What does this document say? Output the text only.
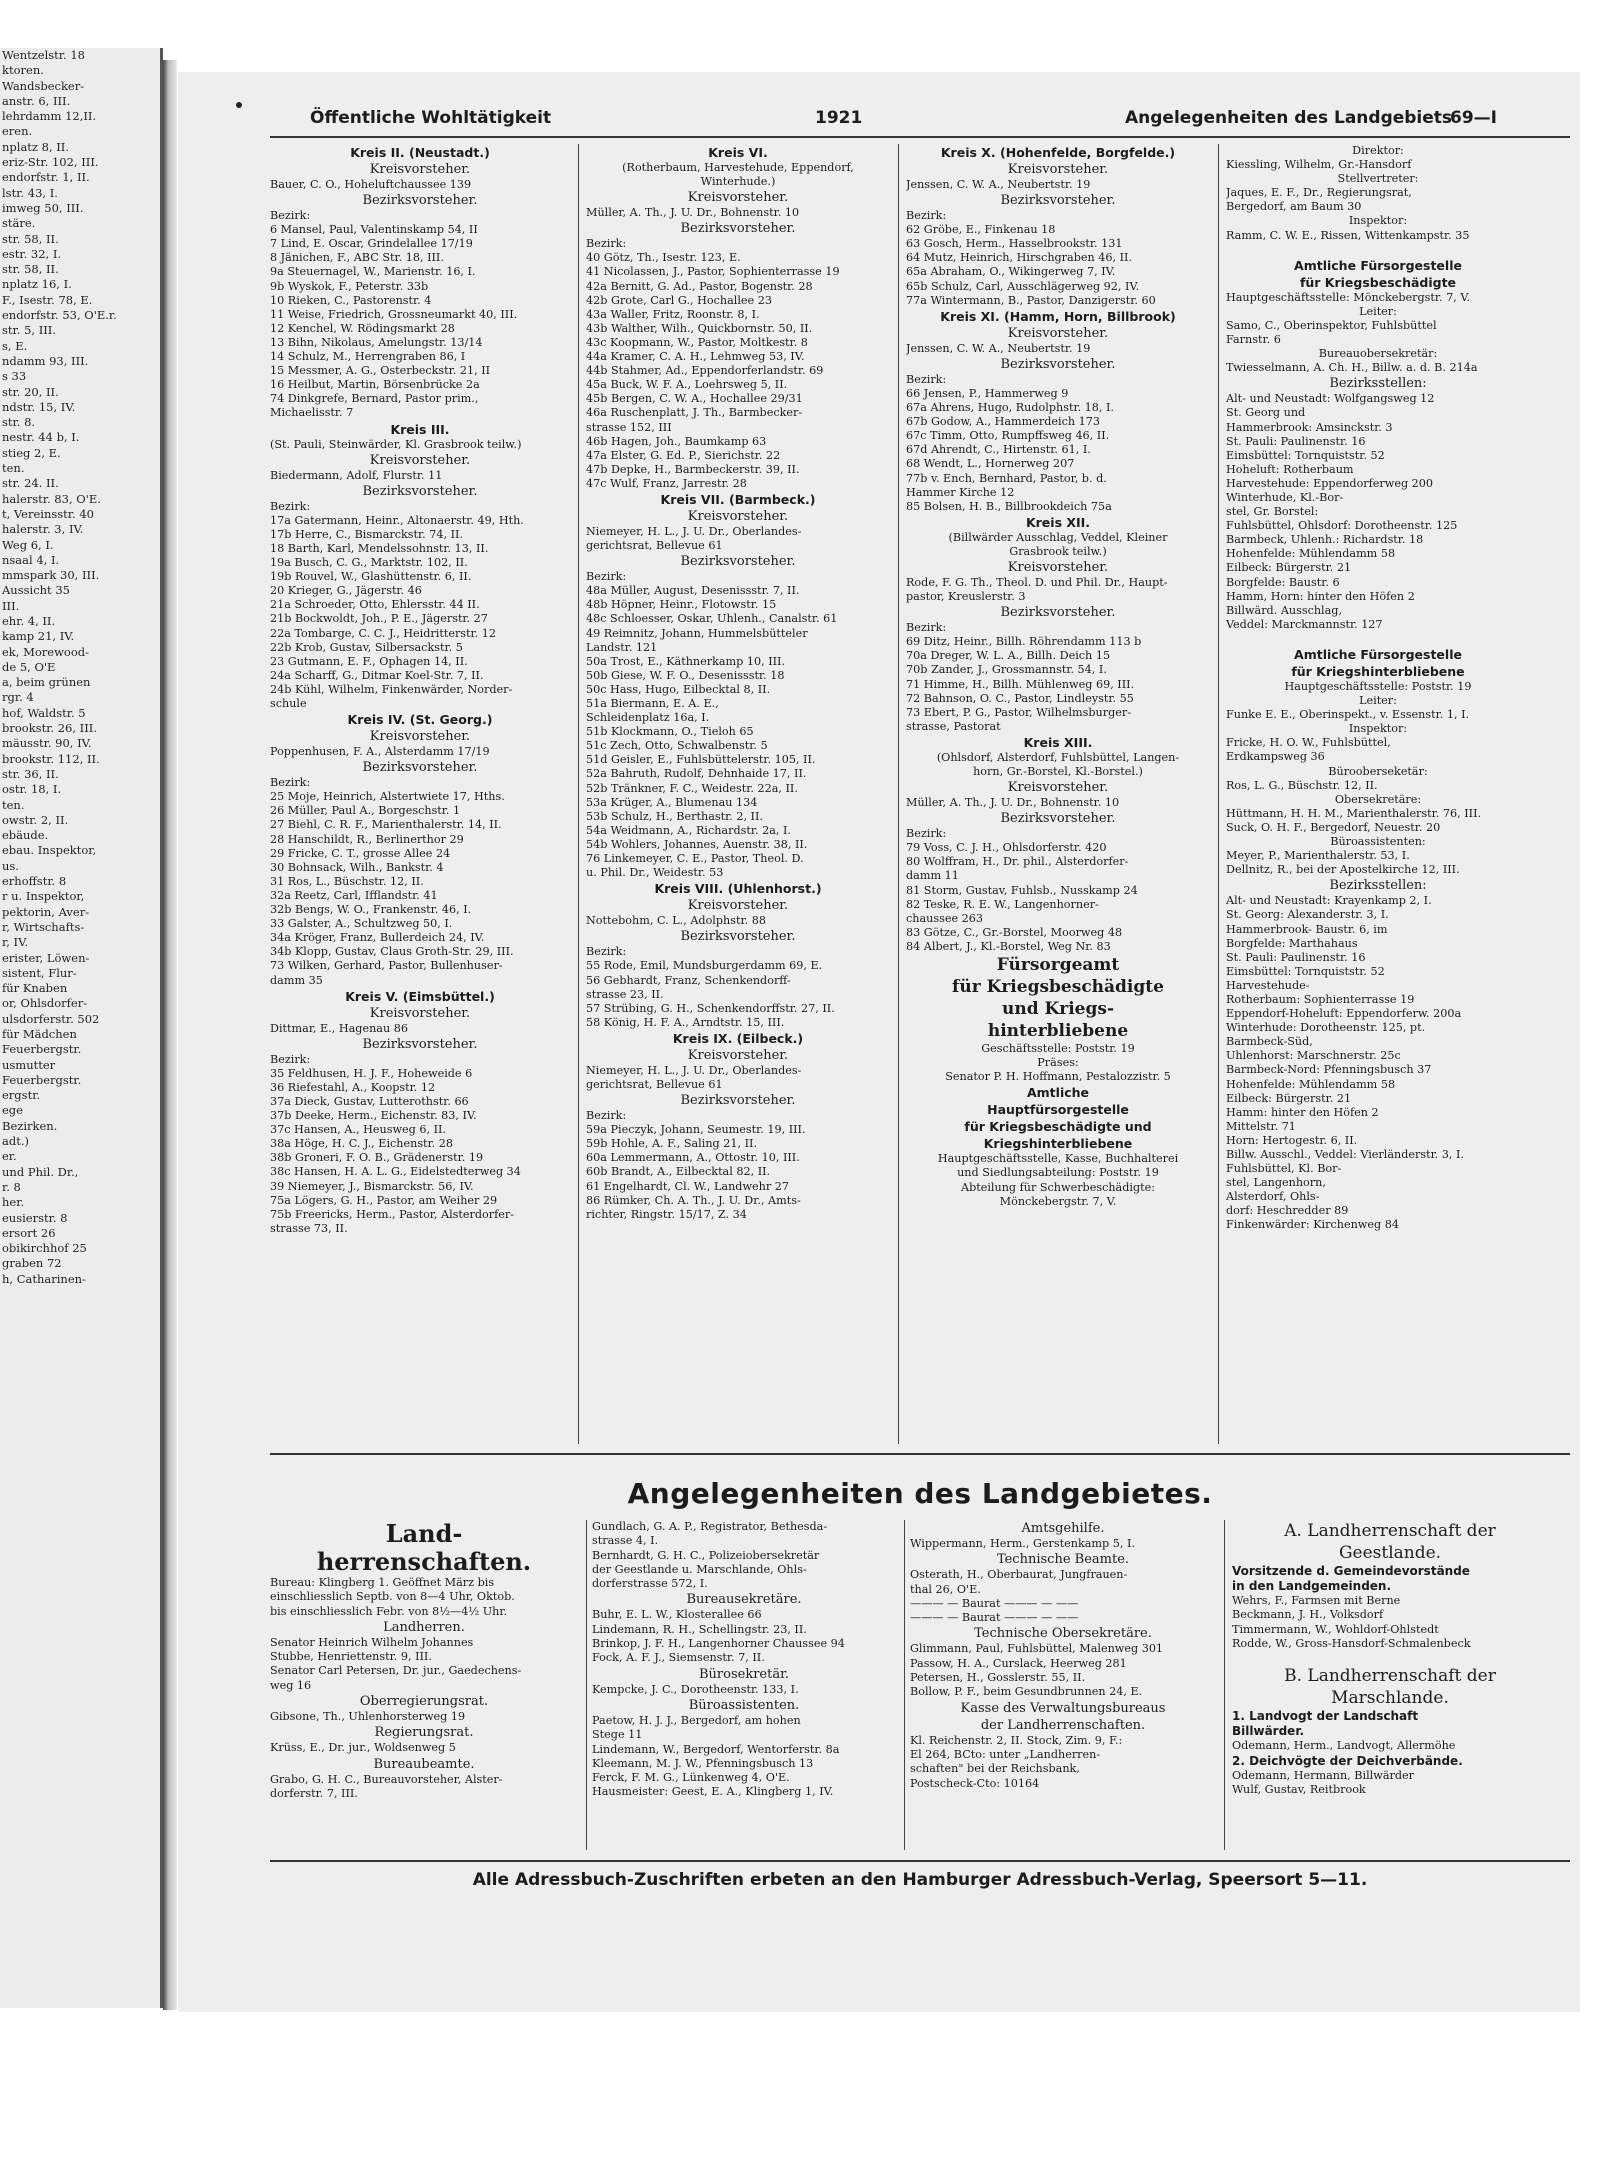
Wentzelstr. 18
ktoren.
Wandsbecker-
anstr. 6, III.
lehrdamm 12,II.
eren.
nplatz 8, II.
eriz-Str. 102, III.
endorfstr. 1, II.
lstr. 43, I.
imweg 50, III.
stäre.
str. 58, II.
estr. 32, I.
str. 58, II.
nplatz 16, I.
F., Isestr. 78, E.
endorfstr. 53, O'E.r.
str. 5, III.
s, E.
ndamm 93, III.
s 33
str. 20, II.
ndstr. 15, IV.
str. 8.
nestr. 44 b, I.
stieg 2, E.
ten.
str. 24. II.
halerstr. 83, O'E.
t, Vereinsstr. 40
halerstr. 3, IV.
Weg 6, I.
nsaal 4, I.
mmspark 30, III.
Aussicht 35
III.
ehr. 4, II.
kamp 21, IV.
ek, Morewood-
de 5, O'E
a, beim grünen
rgr. 4
hof, Waldstr. 5
brookstr. 26, III.
mäusstr. 90, IV.
brookstr. 112, II.
str. 36, II.
ostr. 18, I.
ten.
owstr. 2, II.
ebäude.
ebau. Inspektor,
us.
erhoffstr. 8
r u. Inspektor,
pektorin, Aver-
r, Wirtschafts-
r, IV.
erister, Löwen-
sistent, Flur-
für Knaben
or, Ohlsdorfer-
ulsdorferstr. 502
für Mädchen
Feuerbergstr.
usmutter
Feuerbergstr.
ergstr.
ege
Bezirken.
adt.)
er.
und Phil. Dr.,
r. 8
her.
eusierstr. 8
ersort 26
obikirchhof 25
graben 72
h, Catharinen-
Öffentliche Wohltätigkeit	1921	Angelegenheiten des Landgebiets
69—I
Kreis II. (Neustadt.)
Kreisvorsteher.
Bauer, C. O., Hoheluftchaussee 139
Bezirksvorsteher.
Bezirk:
6 Mansel, Paul, Valentinskamp 54, II
7 Lind, E. Oscar, Grindelallee 17/19
8 Jänichen, F., ABC Str. 18, III.
9a Steuernagel, W., Marienstr. 16, I.
9b Wyskok, F., Peterstr. 33b
10 Rieken, C., Pastorenstr. 4
11 Weise, Friedrich, Grossneumarkt 40, III.
12 Kenchel, W. Rödingsmarkt 28
13 Bihn, Nikolaus, Amelungstr. 13/14
14 Schulz, M., Herrengraben 86, I
15 Messmer, A. G., Osterbeckstr. 21, II
16 Heilbut, Martin, Börsenbrücke 2a
74 Dinkgrefe, Bernard, Pastor prim.,
Michaelisstr. 7
Kreis III.
(St. Pauli, Steinwärder, Kl. Grasbrook teilw.)
Kreisvorsteher.
Biedermann, Adolf, Flurstr. 11
Bezirksvorsteher.
Bezirk:
17a Gatermann, Heinr., Altonaerstr. 49, Hth.
17b Herre, C., Bismarckstr. 74, II.
18 Barth, Karl, Mendelssohnstr. 13, II.
19a Busch, C. G., Marktstr. 102, II.
19b Rouvel, W., Glashüttenstr. 6, II.
20 Krieger, G., Jägerstr. 46
21a Schroeder, Otto, Ehlersstr. 44 II.
21b Bockwoldt, Joh., P. E., Jägerstr. 27
22a Tombarge, C. C. J., Heidritterstr. 12
22b Krob, Gustav, Silbersackstr. 5
23 Gutmann, E. F., Ophagen 14, II.
24a Scharff, G., Ditmar Koel-Str. 7, II.
24b Kühl, Wilhelm, Finkenwärder, Norder-
schule
Kreis IV. (St. Georg.)
Kreisvorsteher.
Poppenhusen, F. A., Alsterdamm 17/19
Bezirksvorsteher.
Bezirk:
25 Moje, Heinrich, Alstertwiete 17, Hths.
26 Müller, Paul A., Borgeschstr. 1
27 Biehl, C. R. F., Marienthalerstr. 14, II.
28 Hanschildt, R., Berlinerthor 29
29 Fricke, C. T., grosse Allee 24
30 Bohnsack, Wilh., Bankstr. 4
31 Ros, L., Büschstr. 12, II.
32a Reetz, Carl, Ifflandstr. 41
32b Bengs, W. O., Frankenstr. 46, I.
33 Galster, A., Schultzweg 50, I.
34a Kröger, Franz, Bullerdeich 24, IV.
34b Klopp, Gustav, Claus Groth-Str. 29, III.
73 Wilken, Gerhard, Pastor, Bullenhuser-
damm 35
Kreis V. (Eimsbüttel.)
Kreisvorsteher.
Dittmar, E., Hagenau 86
Bezirksvorsteher.
Bezirk:
35 Feldhusen, H. J. F., Hoheweide 6
36 Riefestahl, A., Koopstr. 12
37a Dieck, Gustav, Lutterothstr. 66
37b Deeke, Herm., Eichenstr. 83, IV.
37c Hansen, A., Heusweg 6, II.
38a Höge, H. C. J., Eichenstr. 28
38b Groneri, F. O. B., Grädenerstr. 19
38c Hansen, H. A. L. G., Eidelstedterweg 34
39 Niemeyer, J., Bismarckstr. 56, IV.
75a Lögers, G. H., Pastor, am Weiher 29
75b Freericks, Herm., Pastor, Alsterdorfer-
strasse 73, II.
Kreis VI.
(Rotherbaum, Harvestehude, Eppendorf,
Winterhude.)
Kreisvorsteher.
Müller, A. Th., J. U. Dr., Bohnenstr. 10
Bezirksvorsteher.
Bezirk:
40 Götz, Th., Isestr. 123, E.
41 Nicolassen, J., Pastor, Sophienterrasse 19
42a Bernitt, G. Ad., Pastor, Bogenstr. 28
42b Grote, Carl G., Hochallee 23
43a Waller, Fritz, Roonstr. 8, I.
43b Walther, Wilh., Quickbornstr. 50, II.
43c Koopmann, W., Pastor, Moltkestr. 8
44a Kramer, C. A. H., Lehmweg 53, IV.
44b Stahmer, Ad., Eppendorferlandstr. 69
45a Buck, W. F. A., Loehrsweg 5, II.
45b Bergen, C. W. A., Hochallee 29/31
46a Ruschenplatt, J. Th., Barmbecker-
strasse 152, III
46b Hagen, Joh., Baumkamp 63
47a Elster, G. Ed. P., Sierichstr. 22
47b Depke, H., Barmbeckerstr. 39, II.
47c Wulf, Franz, Jarrestr. 28
Kreis VII. (Barmbeck.)
Kreisvorsteher.
Niemeyer, H. L., J. U. Dr., Oberlandes-
gerichtsrat, Bellevue 61
Bezirksvorsteher.
Bezirk:
48a Müller, August, Desenissstr. 7, II.
48b Höpner, Heinr., Flotowstr. 15
48c Schloesser, Oskar, Uhlenh., Canalstr. 61
49 Reimnitz, Johann, Hummelsbütteler
Landstr. 121
50a Trost, E., Käthnerkamp 10, III.
50b Giese, W. F. O., Desenissstr. 18
50c Hass, Hugo, Eilbecktal 8, II.
51a Biermann, E. A. E.,
Schleidenplatz 16a, I.
51b Klockmann, O., Tieloh 65
51c Zech, Otto, Schwalbenstr. 5
51d Geisler, E., Fuhlsbüttelerstr. 105, II.
52a Bahruth, Rudolf, Dehnhaide 17, II.
52b Tränkner, F. C., Weidestr. 22a, II.
53a Krüger, A., Blumenau 134
53b Schulz, H., Berthastr. 2, II.
54a Weidmann, A., Richardstr. 2a, I.
54b Wohlers, Johannes, Auenstr. 38, II.
76 Linkemeyer, C. E., Pastor, Theol. D.
u. Phil. Dr., Weidestr. 53
Kreis VIII. (Uhlenhorst.)
Kreisvorsteher.
Nottebohm, C. L., Adolphstr. 88
Bezirksvorsteher.
Bezirk:
55 Rode, Emil, Mundsburgerdamm 69, E.
56 Gebhardt, Franz, Schenkendorff-
strasse 23, II.
57 Strübing, G. H., Schenkendorffstr. 27, II.
58 König, H. F. A., Arndtstr. 15, III.
Kreis IX. (Eilbeck.)
Kreisvorsteher.
Niemeyer, H. L., J. U. Dr., Oberlandes-
gerichtsrat, Bellevue 61
Bezirksvorsteher.
Bezirk:
59a Pieczyk, Johann, Seumestr. 19, III.
59b Hohle, A. F., Saling 21, II.
60a Lemmermann, A., Ottostr. 10, III.
60b Brandt, A., Eilbecktal 82, II.
61 Engelhardt, Cl. W., Landwehr 27
86 Rümker, Ch. A. Th., J. U. Dr., Amts-
richter, Ringstr. 15/17, Z. 34
Kreis X. (Hohenfelde, Borgfelde.)
Kreisvorsteher.
Jenssen, C. W. A., Neubertstr. 19
Bezirksvorsteher.
Bezirk:
62 Gröbe, E., Finkenau 18
63 Gosch, Herm., Hasselbrookstr. 131
64 Mutz, Heinrich, Hirschgraben 46, II.
65a Abraham, O., Wikingerweg 7, IV.
65b Schulz, Carl, Ausschlägerweg 92, IV.
77a Wintermann, B., Pastor, Danzigerstr. 60
Kreis XI. (Hamm, Horn, Billbrook)
Kreisvorsteher.
Jenssen, C. W. A., Neubertstr. 19
Bezirksvorsteher.
Bezirk:
66 Jensen, P., Hammerweg 9
67a Ahrens, Hugo, Rudolphstr. 18, I.
67b Godow, A., Hammerdeich 173
67c Timm, Otto, Rumpffsweg 46, II.
67d Ahrendt, C., Hirtenstr. 61, I.
68 Wendt, L., Hornerweg 207
77b v. Ench, Bernhard, Pastor, b. d.
Hammer Kirche 12
85 Bolsen, H. B., Billbrookdeich 75a
Kreis XII.
(Billwärder Ausschlag, Veddel, Kleiner
Grasbrook teilw.)
Kreisvorsteher.
Rode, F. G. Th., Theol. D. und Phil. Dr., Haupt-
pastor, Kreuslerstr. 3
Bezirksvorsteher.
Bezirk:
69 Ditz, Heinr., Billh. Röhrendamm 113 b
70a Dreger, W. L. A., Billh. Deich 15
70b Zander, J., Grossmannstr. 54, I.
71 Himme, H., Billh. Mühlenweg 69, III.
72 Bahnson, O. C., Pastor, Lindleystr. 55
73 Ebert, P. G., Pastor, Wilhelmsburger-
strasse, Pastorat
Kreis XIII.
(Ohlsdorf, Alsterdorf, Fuhlsbüttel, Langen-
horn, Gr.-Borstel, Kl.-Borstel.)
Kreisvorsteher.
Müller, A. Th., J. U. Dr., Bohnenstr. 10
Bezirksvorsteher.
Bezirk:
79 Voss, C. J. H., Ohlsdorferstr. 420
80 Wolffram, H., Dr. phil., Alsterdorfer-
damm 11
81 Storm, Gustav, Fuhlsb., Nusskamp 24
82 Teske, R. E. W., Langenhorner-
chaussee 263
83 Götze, C., Gr.-Borstel, Moorweg 48
84 Albert, J., Kl.-Borstel, Weg Nr. 83
Fürsorgeamt
für Kriegsbeschädigte
und Kriegs-
hinterbliebene
Geschäftsstelle: Poststr. 19
Präses:
Senator P. H. Hoffmann, Pestalozzistr. 5
Amtliche
Hauptfürsorgestelle
für Kriegsbeschädigte und
Kriegshinterbliebene
Hauptgeschäftsstelle, Kasse, Buchhalterei
und Siedlungsabteilung: Poststr. 19
Abteilung für Schwerbeschädigte:
Mönckebergstr. 7, V.
Direktor:
Kiessling, Wilhelm, Gr.-Hansdorf
Stellvertreter:
Jaques, E. F., Dr., Regierungsrat,
Bergedorf, am Baum 30
Inspektor:
Ramm, C. W. E., Rissen, Wittenkampstr. 35

Amtliche Fürsorgestelle
für Kriegsbeschädigte
Hauptgeschäftsstelle: Mönckebergstr. 7, V.
Leiter:
Samo, C., Oberinspektor, Fuhlsbüttel
Farnstr. 6
Bureauobersekretär:
Twiesselmann, A. Ch. H., Billw. a. d. B. 214a
Bezirksstellen:
Alt- und Neustadt: Wolfgangsweg 12
St. Georg und
Hammerbrook: Amsinckstr. 3
St. Pauli: Paulinenstr. 16
Eimsbüttel: Tornquiststr. 52
Hoheluft: Rotherbaum
Harvestehude: Eppendorferweg 200
Winterhude, Kl.-Bor-
stel, Gr. Borstel:
Fuhlsbüttel, Ohlsdorf: Dorotheenstr. 125
Barmbeck, Uhlenh.: Richardstr. 18
Hohenfelde: Mühlendamm 58
Eilbeck: Bürgerstr. 21
Borgfelde: Baustr. 6
Hamm, Horn: hinter den Höfen 2
Billwärd. Ausschlag,
Veddel: Marckmannstr. 127

Amtliche Fürsorgestelle
für Kriegshinterbliebene
Hauptgeschäftsstelle: Poststr. 19
Leiter:
Funke E. E., Oberinspekt., v. Essenstr. 1, I.
Inspektor:
Fricke, H. O. W., Fuhlsbüttel,
Erdkampsweg 36
Bürooberseketär:
Ros, L. G., Büschstr. 12, II.
Obersekretäre:
Hüttmann, H. H. M., Marienthalerstr. 76, III.
Suck, O. H. F., Bergedorf, Neuestr. 20
Büroassistenten:
Meyer, P., Marienthalerstr. 53, I.
Dellnitz, R., bei der Apostelkirche 12, III.
Bezirksstellen:
Alt- und Neustadt: Krayenkamp 2, I.
St. Georg: Alexanderstr. 3, I.
Hammerbrook- Baustr. 6, im
Borgfelde: Marthahaus
St. Pauli: Paulinenstr. 16
Eimsbüttel: Tornquiststr. 52
Harvestehude-
Rotherbaum: Sophienterrasse 19
Eppendorf-Hoheluft: Eppendorferw. 200a
Winterhude: Dorotheenstr. 125, pt.
Barmbeck-Süd,
Uhlenhorst: Marschnerstr. 25c
Barmbeck-Nord: Pfenningsbusch 37
Hohenfelde: Mühlendamm 58
Eilbeck: Bürgerstr. 21
Hamm: hinter den Höfen 2
Mittelstr. 71
Horn: Hertogestr. 6, II.
Billw. Ausschl., Veddel: Vierländerstr. 3, I.
Fuhlsbüttel, Kl. Bor-
stel, Langenhorn,
Alsterdorf, Ohls-
dorf: Heschredder 89
Finkenwärder: Kirchenweg 84
Angelegenheiten des Landgebietes.
Land-
herrenschaften.
Bureau: Klingberg 1. Geöffnet März bis
einschliesslich Septb. von 8—4 Uhr, Oktob.
bis einschliesslich Febr. von 8½—4½ Uhr.
Landherren.
Senator Heinrich Wilhelm Johannes
Stubbe, Henriettenstr. 9, III.
Senator Carl Petersen, Dr. jur., Gaedechens-
weg 16
Oberregierungsrat.
Gibsone, Th., Uhlenhorsterweg 19
Regierungsrat.
Krüss, E., Dr. jur., Woldsenweg 5
Bureaubeamte.
Grabo, G. H. C., Bureauvorsteher, Alster-
dorferstr. 7, III.
Gundlach, G. A. P., Registrator, Bethesda-
strasse 4, I.
Bernhardt, G. H. C., Polizeiobersekretär
der Geestlande u. Marschlande, Ohls-
dorferstrasse 572, I.
Bureausekretäre.
Buhr, E. L. W., Klosterallee 66
Lindemann, R. H., Schellingstr. 23, II.
Brinkop, J. F. H., Langenhorner Chaussee 94
Fock, A. F. J., Siemsenstr. 7, II.
Bürosekretär.
Kempcke, J. C., Dorotheenstr. 133, I.
Büroassistenten.
Paetow, H. J. J., Bergedorf, am hohen
Stege 11
Lindemann, W., Bergedorf, Wentorferstr. 8a
Kleemann, M. J. W., Pfenningsbusch 13
Ferck, F. M. G., Lünkenweg 4, O'E.
Hausmeister: Geest, E. A., Klingberg 1, IV.
Amtsgehilfe.
Wippermann, Herm., Gerstenkamp 5, I.
Technische Beamte.
Osterath, H., Oberbaurat, Jungfrauen-
thal 26, O'E.
——— — Baurat ——— — ——
——— — Baurat ——— — ——
Technische Obersekretäre.
Glimmann, Paul, Fuhlsbüttel, Malenweg 301
Passow, H. A., Curslack, Heerweg 281
Petersen, H., Gosslerstr. 55, II.
Bollow, P. F., beim Gesundbrunnen 24, E.
Kasse des Verwaltungsbureaus
der Landherrenschaften.
Kl. Reichenstr. 2, II. Stock, Zim. 9, F.:
El 264, BCto: unter „Landherren-
schaften" bei der Reichsbank,
Postscheck-Cto: 10164
A. Landherrenschaft der
Geestlande.
Vorsitzende d. Gemeindevorstände
in den Landgemeinden.
Wehrs, F., Farmsen mit Berne
Beckmann, J. H., Volksdorf
Timmermann, W., Wohldorf-Ohlstedt
Rodde, W., Gross-Hansdorf-Schmalenbeck

B. Landherrenschaft der
Marschlande.
1. Landvogt der Landschaft
Billwärder.
Odemann, Herm., Landvogt, Allermöhe
2. Deichvögte der Deichverbände.
Odemann, Hermann, Billwärder
Wulf, Gustav, Reitbrook
Alle Adressbuch-Zuschriften erbeten an den Hamburger Adressbuch-Verlag, Speersort 5—11.
